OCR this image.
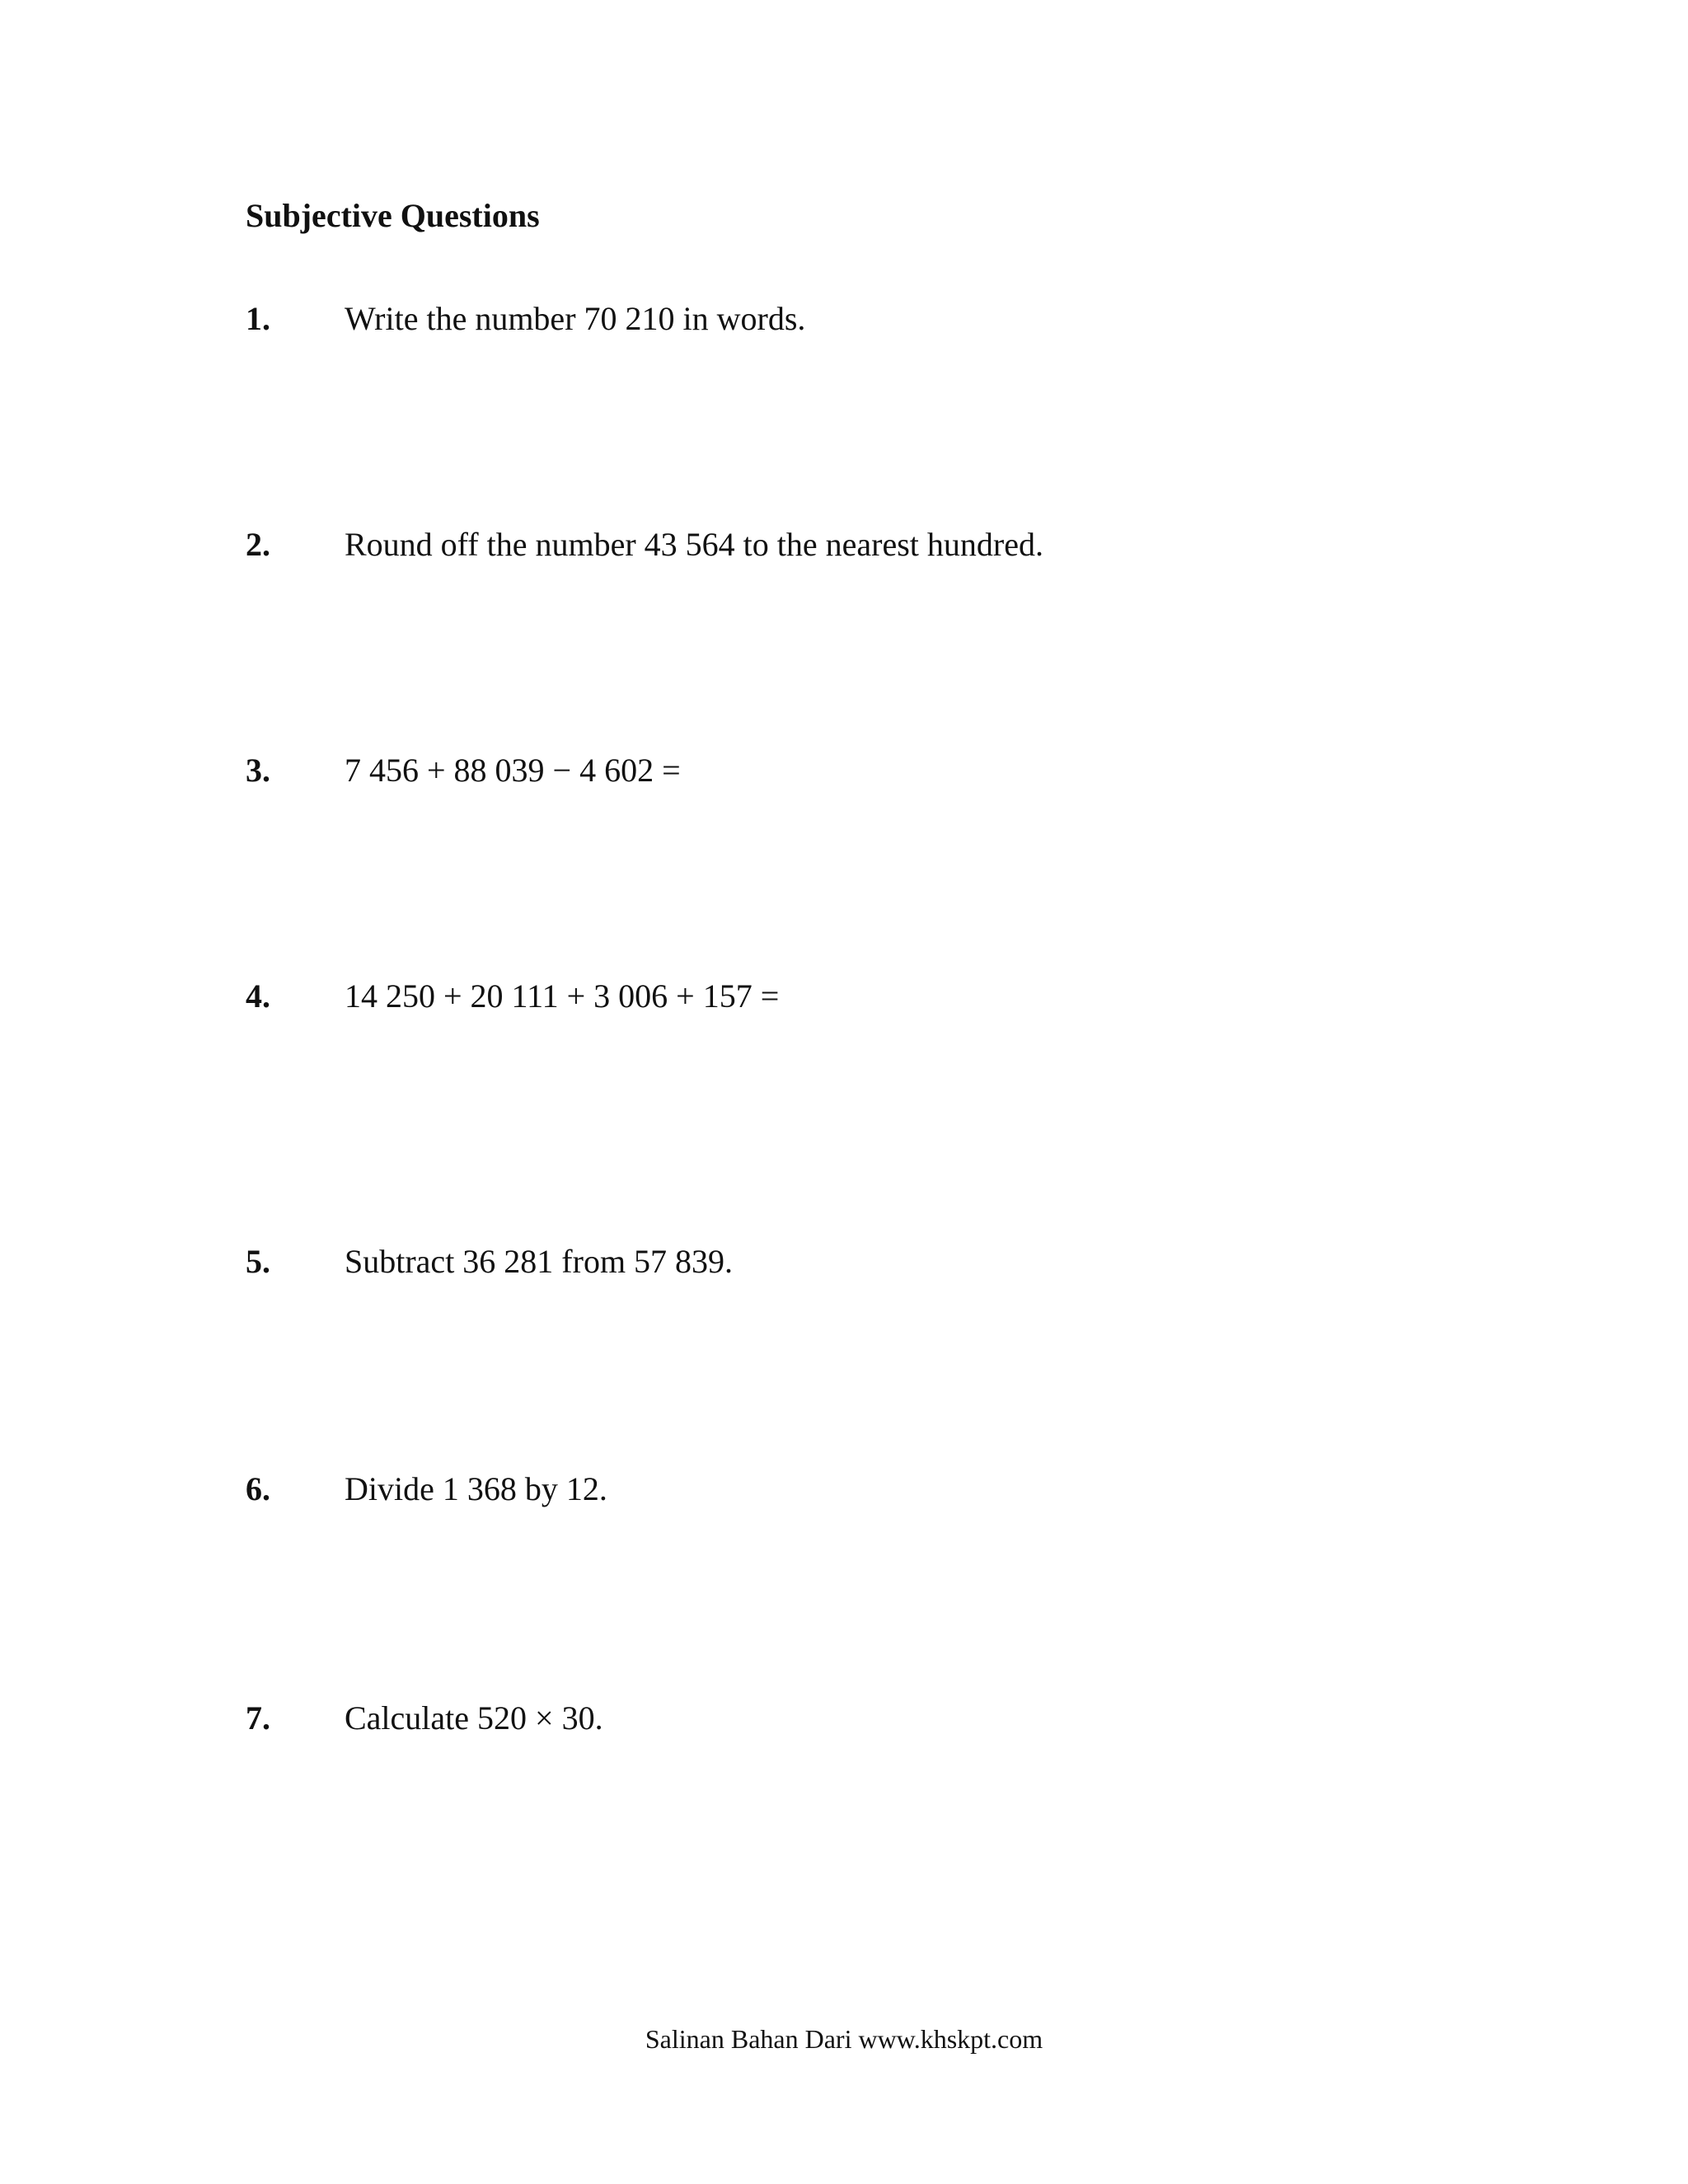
Subjective Questions
1.	Write the number 70 210 in words.
2.	Round off the number 43 564 to the nearest hundred.
3.	7 456 + 88 039 − 4 602 =
4.	14 250 + 20 111 + 3 006 + 157 =
5.	Subtract 36 281 from 57 839.
6.	Divide 1 368 by 12.
7.	Calculate 520 × 30.
Salinan Bahan Dari www.khskpt.com
